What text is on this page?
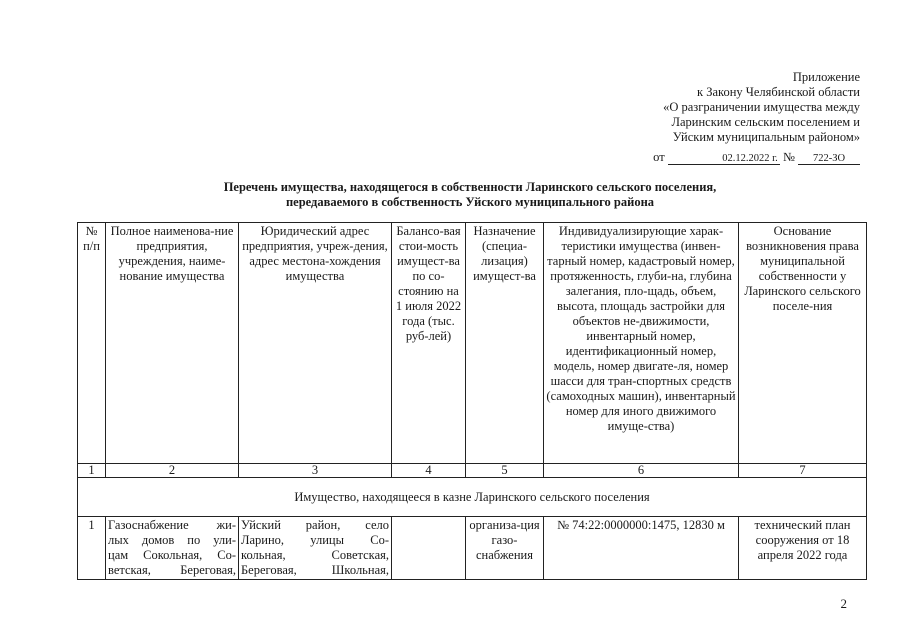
Приложение
к Закону Челябинской области
«О разграничении имущества между
Ларинским сельским поселением и
Уйским муниципальным районом»
от	02.12.2022 г. № 722-ЗО
Перечень имущества, находящегося в собственности Ларинского сельского поселения,
передаваемого в собственность Уйского муниципального района
№ п/п	Полное наименова-ние предприятия, учреждения, наиме-нование имущества	Юридический адрес предприятия, учреж-дения, адрес местона-хождения имущества	Балансо-вая стои-мость имущест-ва по со-стоянию на 1 июля 2022 года (тыс. руб-лей)	Назначение (специа-лизация) имущест-ва	Индивидуализирующие харак-теристики имущества (инвен-тарный номер, кадастровый номер, протяженность, глуби-на, глубина залегания, пло-щадь, объем, высота, площадь застройки для объектов не-движимости, инвентарный номер, идентификационный номер, модель, номер двигате-ля, номер шасси для тран-спортных средств (самоходных машин), инвентарный номер для иного движимого имуще-ства)	Основание возникновения права муниципальной собственности у Ларинского сельского поселе-ния
1	2	3	4	5	6	7
Имущество, находящееся в казне Ларинского сельского поселения						
1	Газоснабжение жи-
лых домов по ули-
цам Сокольная, Со-
ветская, Береговая,	Уйский район, село
Ларино, улицы Со-
кольная, Советская,
Береговая, Школьная,		организа-ция газо-снабжения	№ 74:22:0000000:1475, 12830 м	технический план сооружения от 18 апреля 2022 года
2
